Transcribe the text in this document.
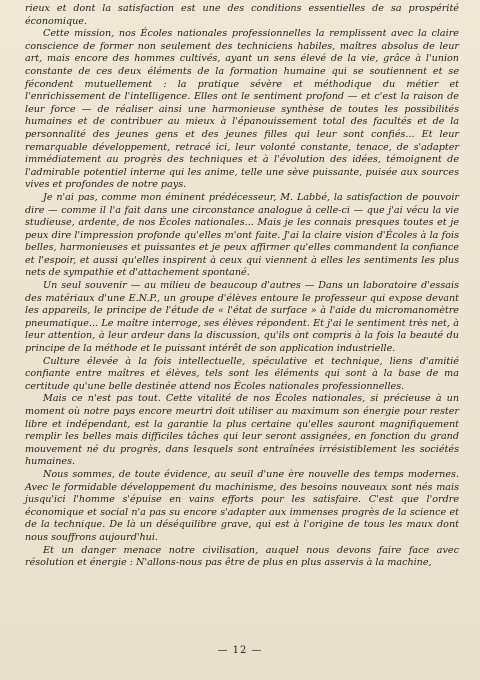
rieux et dont la satisfaction est une des conditions essentielles de sa prospérité économique.

Cette mission, nos Écoles nationales professionnelles la remplissent avec la claire conscience de former non seulement des techniciens habiles, maîtres absolus de leur art, mais encore des hommes cultivés, ayant un sens élevé de la vie, grâce à l'union constante de ces deux éléments de la formation humaine qui se soutiennent et se fécondent mutuellement : la pratique sévère et méthodique du métier et l'enrichissement de l'intelligence. Elles ont le sentiment profond — et c'est la raison de leur force — de réaliser ainsi une harmonieuse synthèse de toutes les possibilités humaines et de contribuer au mieux à l'épanouissement total des facultés et de la personnalité des jeunes gens et des jeunes filles qui leur sont confiés... Et leur remarquable développement, retracé ici, leur volonté constante, tenace, de s'adapter immédiatement au progrès des techniques et à l'évolution des idées, témoignent de l'admirable potentiel interne qui les anime, telle une sève puissante, puisée aux sources vives et profondes de notre pays.

Je n'ai pas, comme mon éminent prédécesseur, M. Labbé, la satisfaction de pouvoir dire — comme il l'a fait dans une circonstance analogue à celle-ci — que j'ai vécu la vie studieuse, ardente, de nos Écoles nationales... Mais je les connais presques toutes et je peux dire l'impression profonde qu'elles m'ont faite. J'ai la claire vision d'Écoles à la fois belles, harmonieuses et puissantes et je peux affirmer qu'elles commandent la confiance et l'espoir, et aussi qu'elles inspirent à ceux qui viennent à elles les sentiments les plus nets de sympathie et d'attachement spontané.

Un seul souvenir — au milieu de beaucoup d'autres — Dans un laboratoire d'essais des matériaux d'une E.N.P., un groupe d'élèves entoure le professeur qui expose devant les appareils, le principe de l'étude de « l'état de surface » à l'aide du micromanomètre pneumatique... Le maître interroge, ses élèves répondent. Et j'ai le sentiment très net, à leur attention, à leur ardeur dans la discussion, qu'ils ont compris à la fois la beauté du principe de la méthode et le puissant intérêt de son application industrielle.

Culture élevée à la fois intellectuelle, spéculative et technique, liens d'amitié confiante entre maîtres et élèves, tels sont les éléments qui sont à la base de ma certitude qu'une belle destinée attend nos Écoles nationales professionnelles.

Mais ce n'est pas tout. Cette vitalité de nos Écoles nationales, si précieuse à un moment où notre pays encore meurtri doit utiliser au maximum son énergie pour rester libre et indépendant, est la garantie la plus certaine qu'elles sauront magnifiquement remplir les belles mais difficiles tâches qui leur seront assignées, en fonction du grand mouvement né du progrès, dans lesquels sont entraînées irrésistiblement les sociétés humaines.

Nous sommes, de toute évidence, au seuil d'une ère nouvelle des temps modernes. Avec le formidable développement du machinisme, des besoins nouveaux sont nés mais jusqu'ici l'homme s'épuise en vains efforts pour les satisfaire. C'est que l'ordre économique et social n'a pas su encore s'adapter aux immenses progrès de la science et de la technique. De là un déséquilibre grave, qui est à l'origine de tous les maux dont nous souffrons aujourd'hui.

Et un danger menace notre civilisation, auquel nous devons faire face avec résolution et énergie : N'allons-nous pas être de plus en plus asservis à la machine,

— 12 —
